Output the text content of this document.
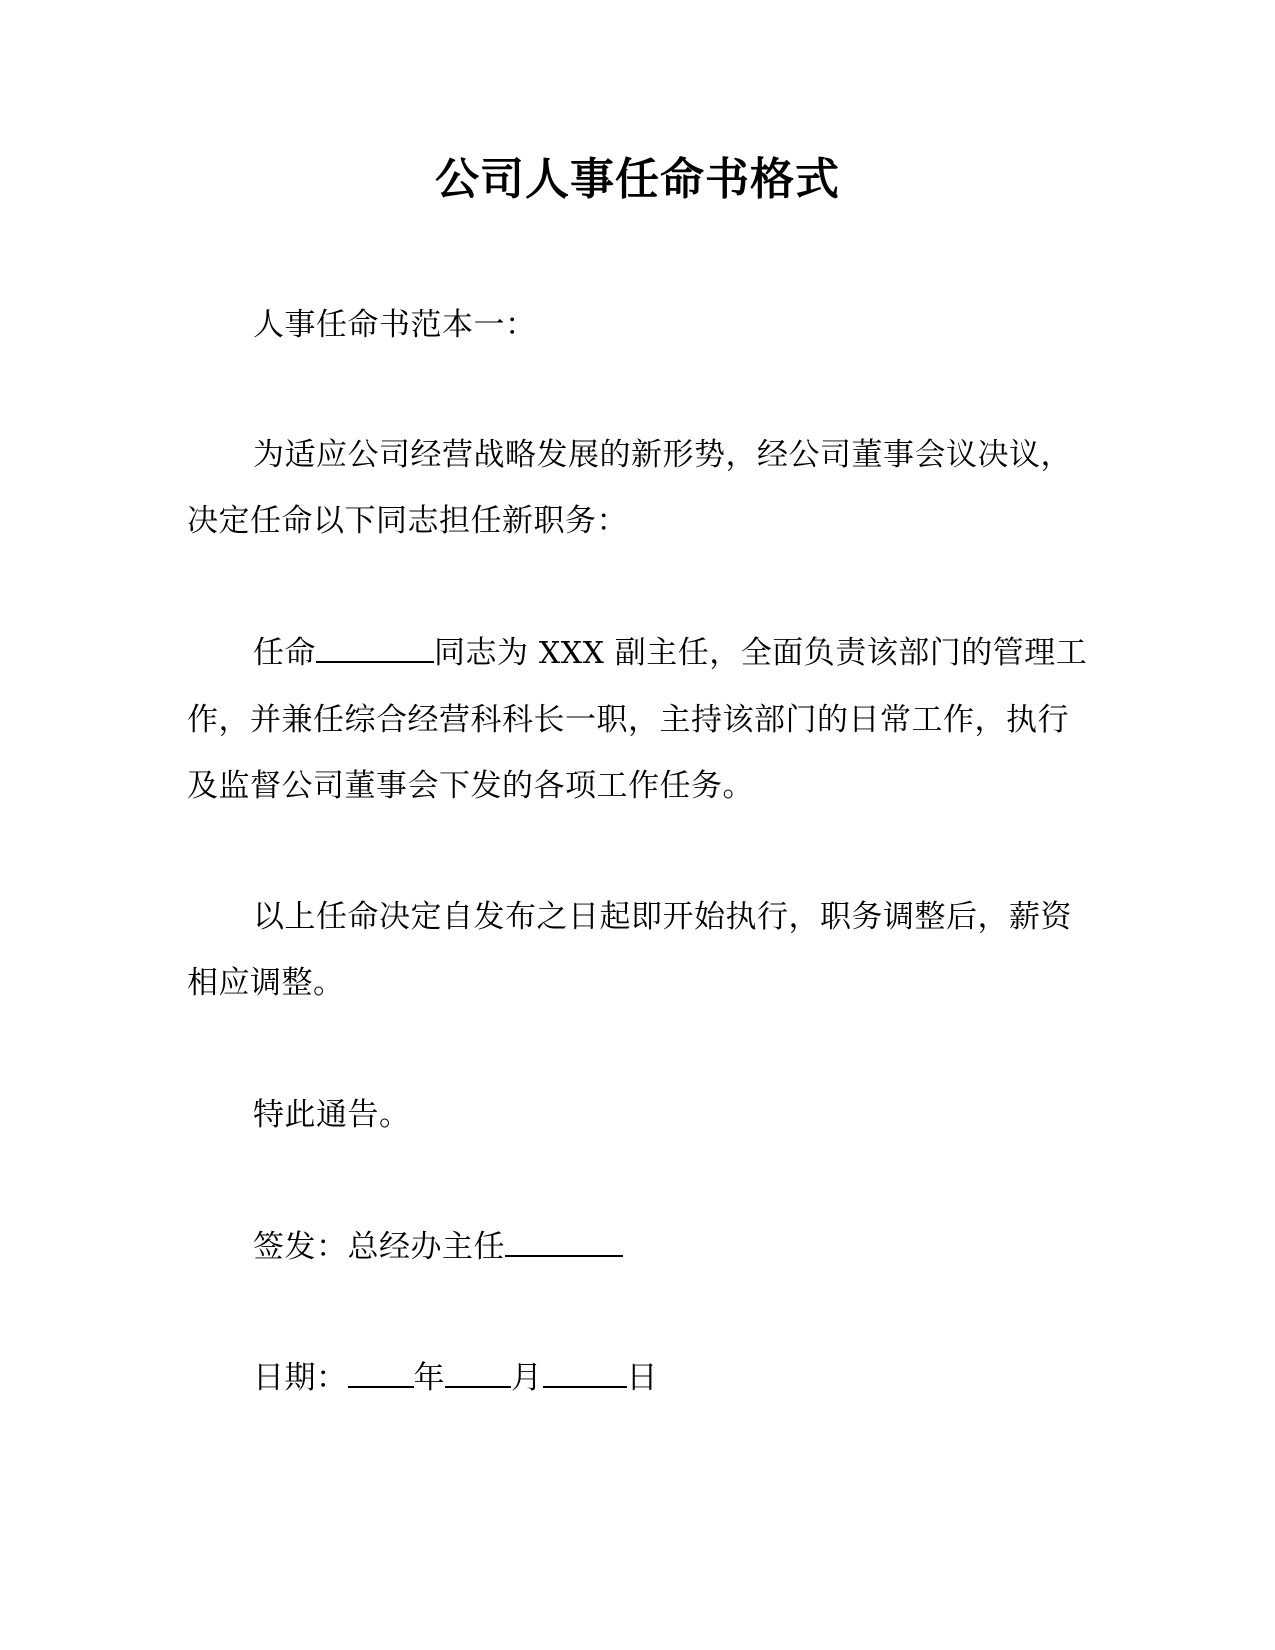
公司人事任命书格式
人事任命书范本一：
为适应公司经营战略发展的新形势，经公司董事会议决议，决定任命以下同志担任新职务：
任命	同志为 XXX 副主任，全面负责该部门的管理工作，并兼任综合经营科科长一职，主持该部门的日常工作，执行及监督公司董事会下发的各项工作任务。
以上任命决定自发布之日起即开始执行，职务调整后，薪资相应调整。
特此通告。
签发：总经办主任
日期： 年 月	日
